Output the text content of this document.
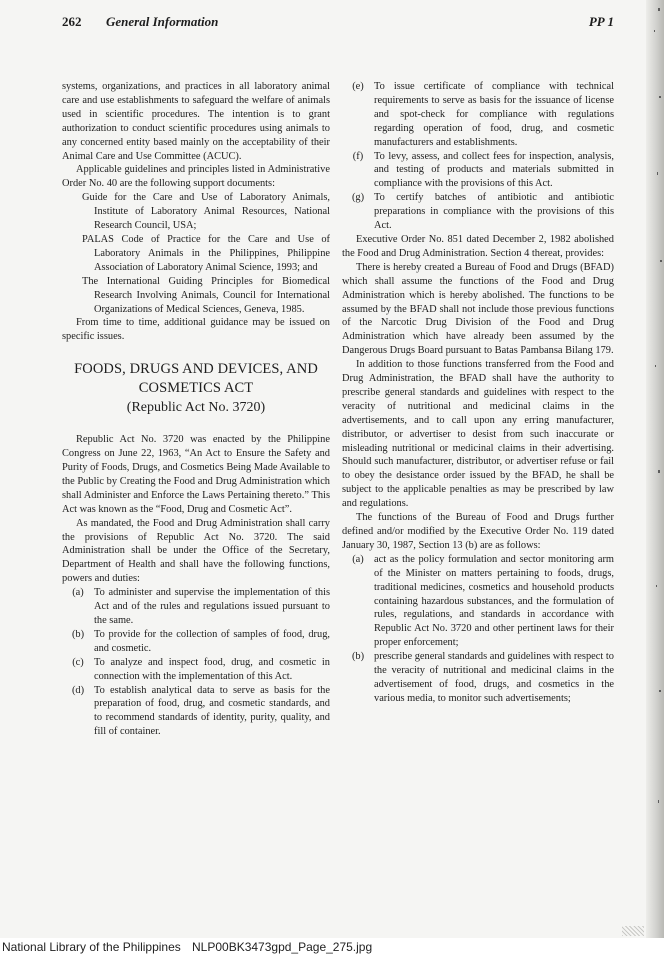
262 General Information	PP 1

systems, organizations, and practices in all laboratory animal care and use establishments to safeguard the welfare of animals used in scientific procedures. The intention is to grant authorization to conduct scientific procedures using animals to any concerned entity based mainly on the acceptability of their Animal Care and Use Committee (ACUC).

Applicable guidelines and principles listed in Administrative Order No. 40 are the following support documents:

Guide for the Care and Use of Laboratory Animals, Institute of Laboratory Animal Resources, National Research Council, USA;

PALAS Code of Practice for the Care and Use of Laboratory Animals in the Philippines, Philippine Association of Laboratory Animal Science, 1993; and

The International Guiding Principles for Biomedical Research Involving Animals, Council for International Organizations of Medical Sciences, Geneva, 1985.

From time to time, additional guidance may be issued on specific issues.

FOODS, DRUGS AND DEVICES, AND COSMETICS ACT
(Republic Act No. 3720)

Republic Act No. 3720 was enacted by the Philippine Congress on June 22, 1963, “An Act to Ensure the Safety and Purity of Foods, Drugs, and Cosmetics Being Made Available to the Public by Creating the Food and Drug Administration which shall Administer and Enforce the Laws Pertaining thereto.” This Act was known as the “Food, Drug and Cosmetic Act”.

As mandated, the Food and Drug Administration shall carry the provisions of Republic Act No. 3720. The said Administration shall be under the Office of the Secretary, Department of Health and shall have the following functions, powers and duties:

(a) To administer and supervise the implementation of this Act and of the rules and regulations issued pursuant to the same.
(b) To provide for the collection of samples of food, drug, and cosmetic.
(c) To analyze and inspect food, drug, and cosmetic in connection with the implementation of this Act.
(d) To establish analytical data to serve as basis for the preparation of food, drug, and cosmetic standards, and to recommend standards of identity, purity, quality, and fill of container.
(e) To issue certificate of compliance with technical requirements to serve as basis for the issuance of license and spot-check for compliance with regulations regarding operation of food, drug, and cosmetic manufacturers and establishments.
(f)	To levy, assess, and collect fees for inspection, analysis, and testing of products and materials submitted in compliance with the provisions of this Act.
(g) To certify batches of antibiotic and antibiotic preparations in compliance with the provisions of this Act.

Executive Order No. 851 dated December 2, 1982 abolished the Food and Drug Administration. Section 4 thereat, provides:

There is hereby created a Bureau of Food and Drugs (BFAD) which shall assume the functions of the Food and Drug Administration which is hereby abolished. The functions to be assumed by the BFAD shall not include those previous functions of the Narcotic Drug Division of the Food and Drug Administration which have already been assumed by the Dangerous Drugs Board pursuant to Batas Pambansa Bilang 179.

In addition to those functions transferred from the Food and Drug Administration, the BFAD shall have the authority to prescribe general standards and guidelines with respect to the veracity of nutritional and medicinal claims in the advertisements, and to call upon any erring manufacturer, distributor, or advertiser to desist from such inaccurate or misleading nutritional or medicinal claims in their advertising. Should such manufacturer, distributor, or advertiser refuse or fail to obey the desistance order issued by the BFAD, he shall be subject to the applicable penalties as may be prescribed by law and regulations.

The functions of the Bureau of Food and Drugs further defined and/or modified by the Executive Order No. 119 dated January 30, 1987, Section 13 (b) are as follows:

(a) act as the policy formulation and sector monitoring arm of the Minister on matters pertaining to foods, drugs, traditional medicines, cosmetics and household products containing hazardous substances, and the formulation of rules, regulations, and standards in accordance with Republic Act No. 3720 and other pertinent laws for their proper enforcement;
(b) prescribe general standards and guidelines with respect to the veracity of nutritional and medicinal claims in the advertisement of food, drugs, and cosmetics in the various media, to monitor such advertisements;
National Library of the Philippines NLP00BK3473gpd_Page_275.jpg
